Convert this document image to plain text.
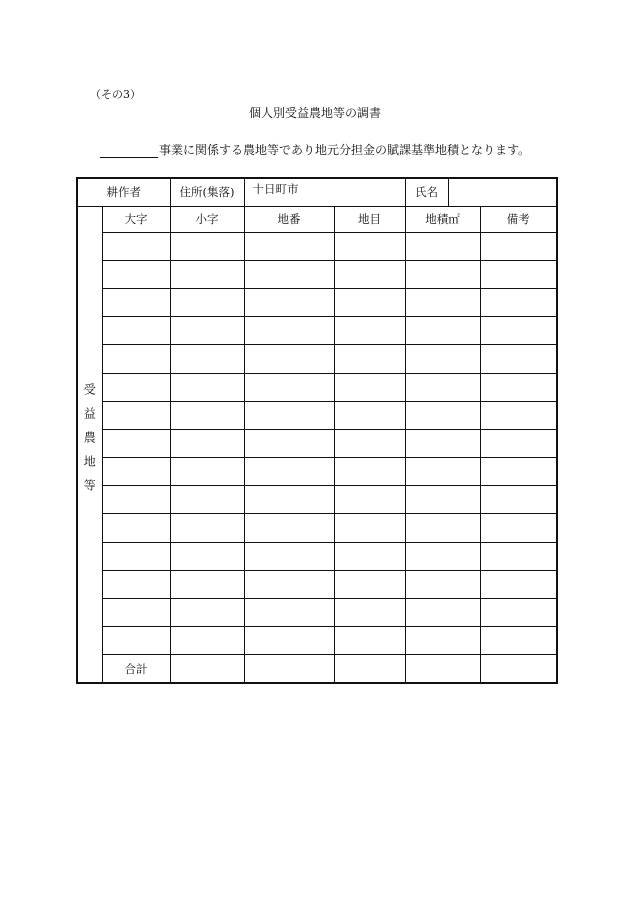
（その3）
個人別受益農地等の調書
事業に関係する農地等であり地元分担金の賦課基準地積となります。
耕作者		住所(集落)	十日町市		氏名	

受益農地等	大字	小字	地番	地目	地積㎡	備考

	合計					
